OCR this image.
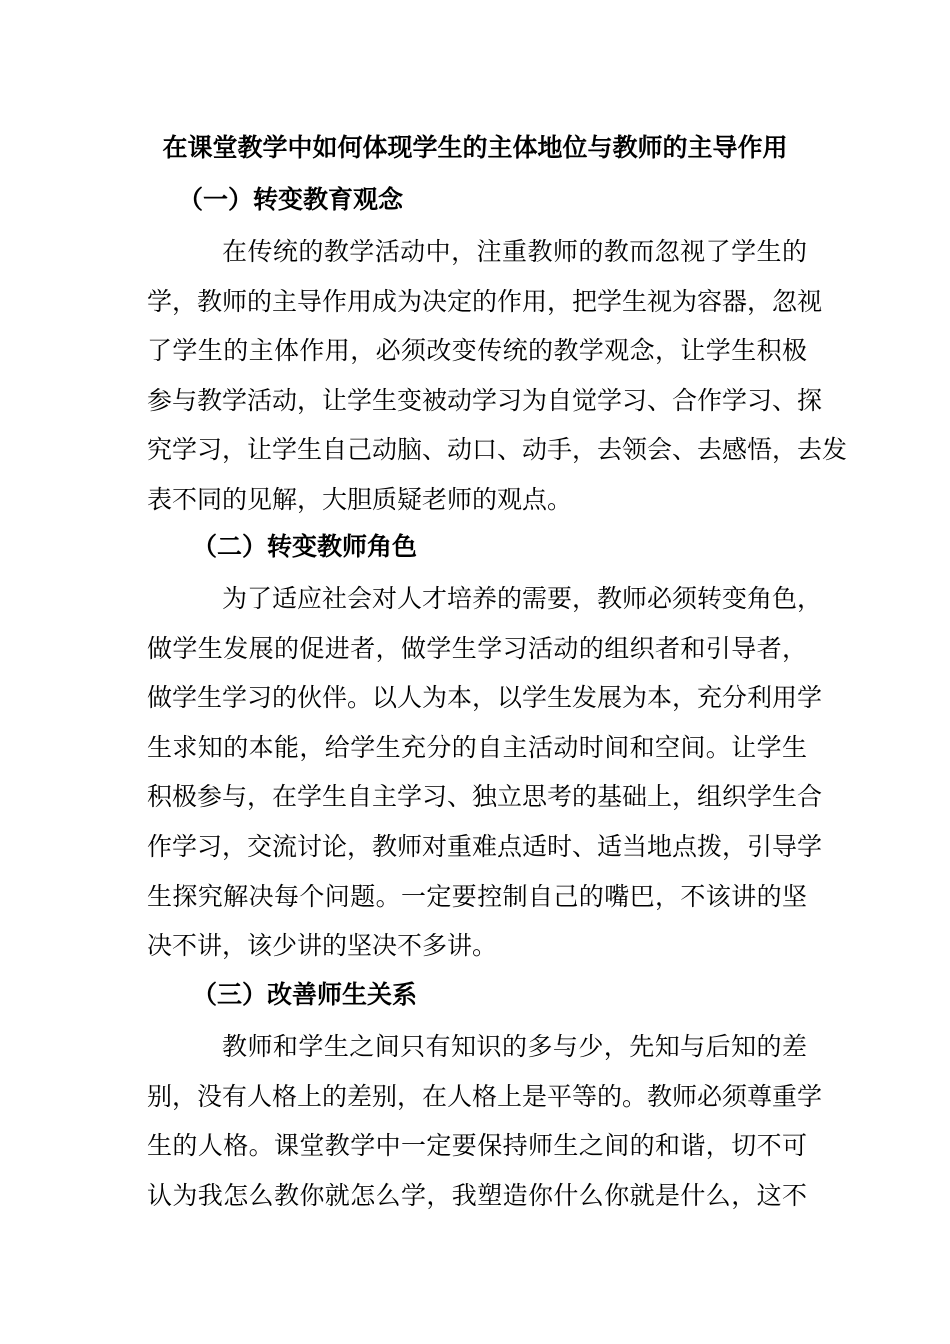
在课堂教学中如何体现学生的主体地位与教师的主导作用
（一）转变教育观念
在传统的教学活动中，注重教师的教而忽视了学生的
学，教师的主导作用成为决定的作用，把学生视为容器，忽视
了学生的主体作用，必须改变传统的教学观念，让学生积极
参与教学活动，让学生变被动学习为自觉学习、合作学习、探
究学习，让学生自己动脑、动口、动手，去领会、去感悟，去发
表不同的见解，大胆质疑老师的观点。
（二）转变教师角色
为了适应社会对人才培养的需要，教师必须转变角色，
做学生发展的促进者，做学生学习活动的组织者和引导者，
做学生学习的伙伴。以人为本，以学生发展为本，充分利用学
生求知的本能，给学生充分的自主活动时间和空间。让学生
积极参与，在学生自主学习、独立思考的基础上，组织学生合
作学习，交流讨论，教师对重难点适时、适当地点拨，引导学
生探究解决每个问题。一定要控制自己的嘴巴，不该讲的坚
决不讲，该少讲的坚决不多讲。
（三）改善师生关系
教师和学生之间只有知识的多与少，先知与后知的差
别，没有人格上的差别，在人格上是平等的。教师必须尊重学
生的人格。课堂教学中一定要保持师生之间的和谐，切不可
认为我怎么教你就怎么学，我塑造你什么你就是什么，这不
